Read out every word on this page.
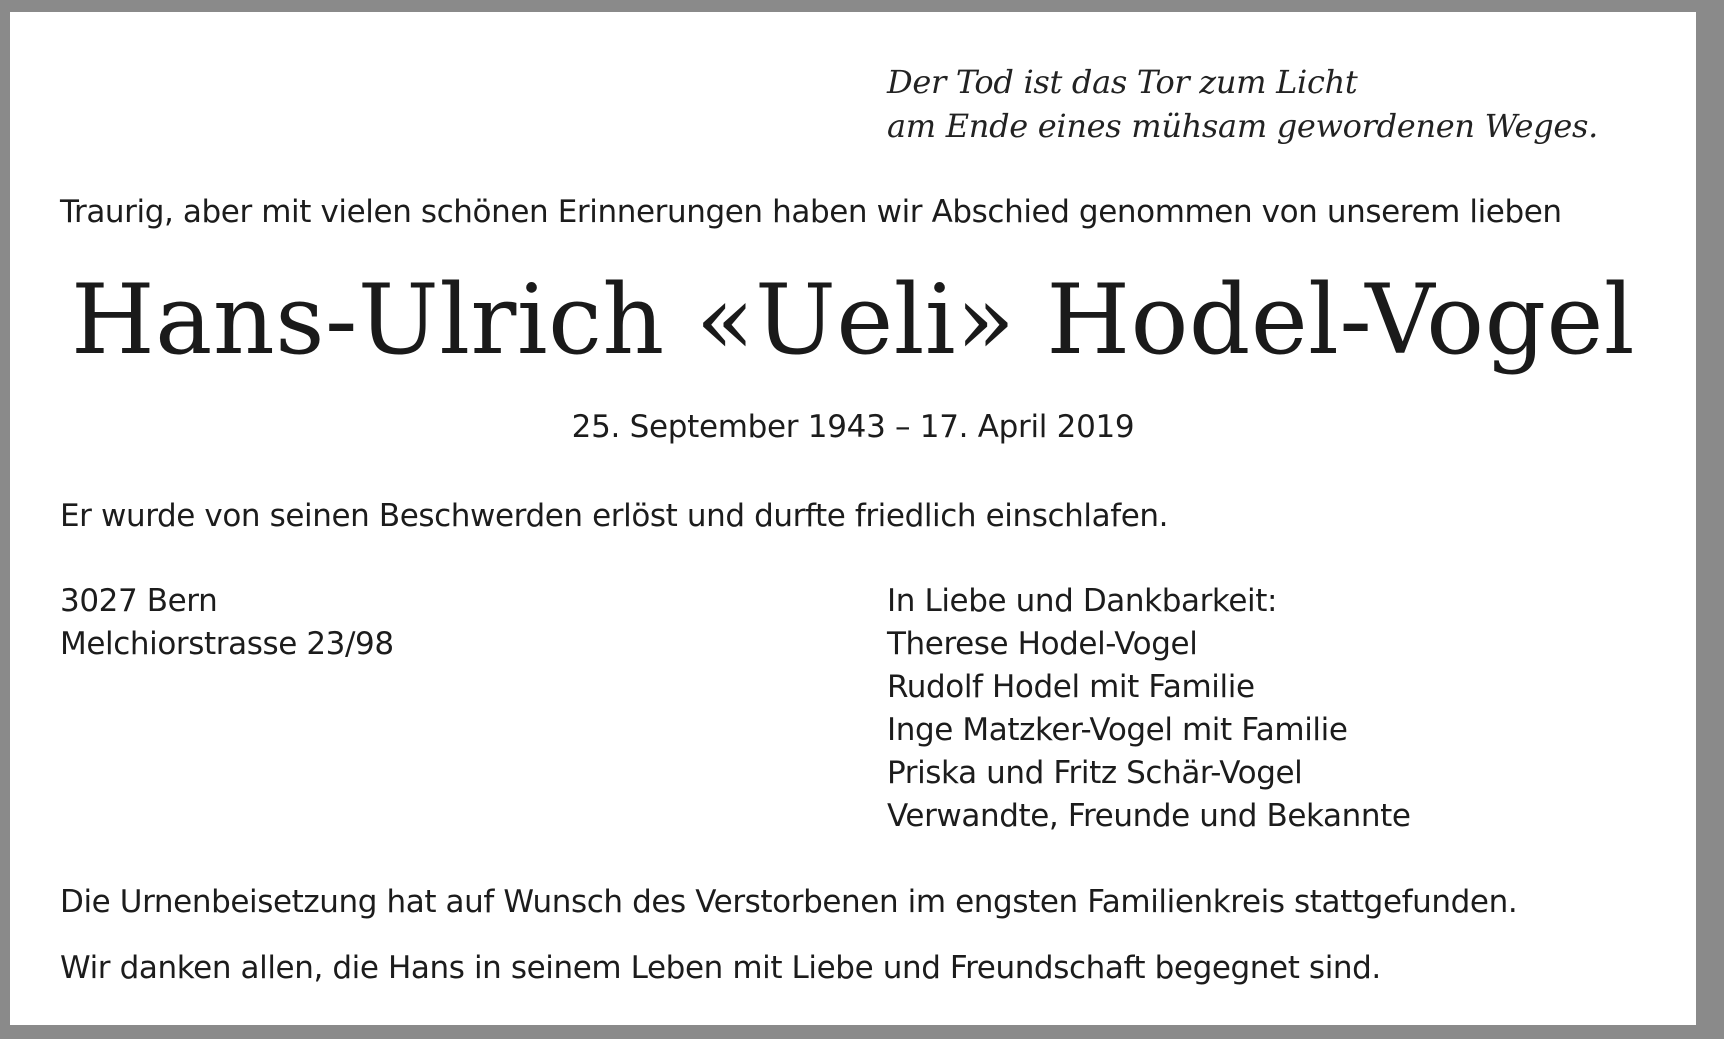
Der Tod ist das Tor zum Licht
am Ende eines mühsam gewordenen Weges.
Traurig, aber mit vielen schönen Erinnerungen haben wir Abschied genommen von unserem lieben
Hans-Ulrich «Ueli» Hodel-Vogel
25. September 1943 – 17. April 2019
Er wurde von seinen Beschwerden erlöst und durfte friedlich einschlafen.
3027 Bern
Melchiorstrasse 23/98
In Liebe und Dankbarkeit:
Therese Hodel-Vogel
Rudolf Hodel mit Familie
Inge Matzker-Vogel mit Familie
Priska und Fritz Schär-Vogel
Verwandte, Freunde und Bekannte
Die Urnenbeisetzung hat auf Wunsch des Verstorbenen im engsten Familienkreis stattgefunden.
Wir danken allen, die Hans in seinem Leben mit Liebe und Freundschaft begegnet sind.
